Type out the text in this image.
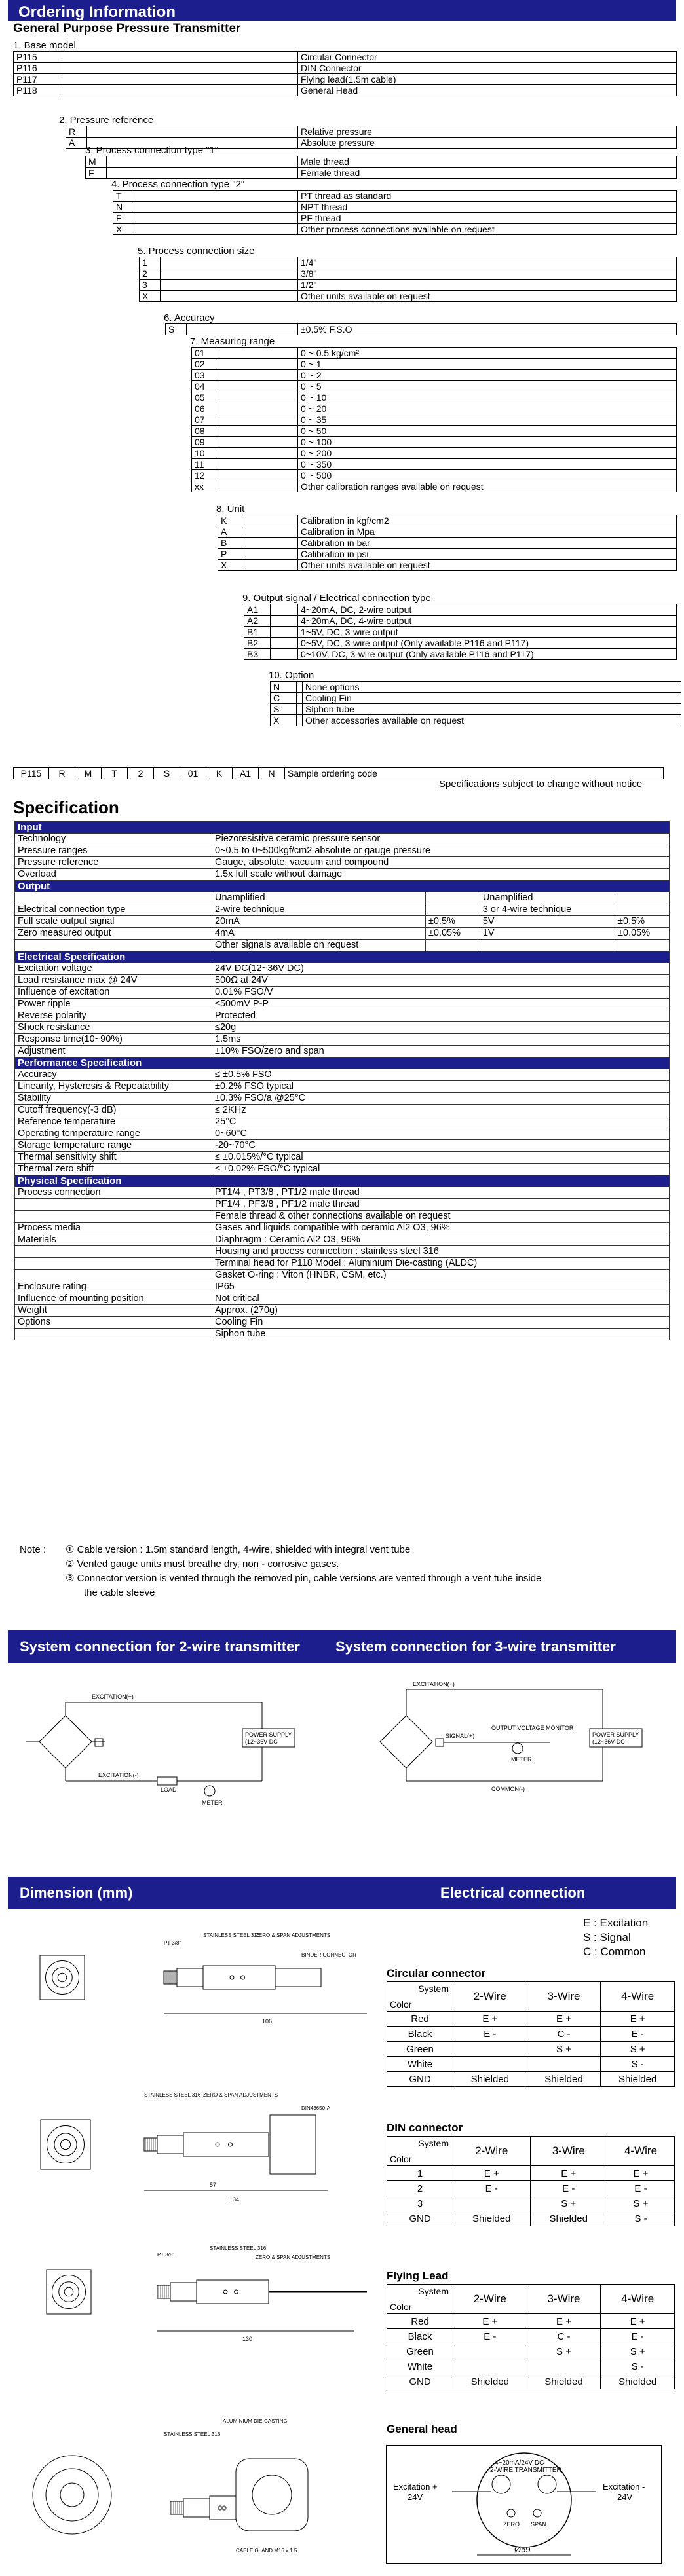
Ordering Information
General Purpose Pressure Transmitter
1. Base model
P115	Circular Connector
P116	DIN Connector
P117	Flying lead(1.5m cable)
P118	General Head
2. Pressure reference
R	Relative pressure
A	Absolute pressure
3. Process connection type "1"
M	Male thread
F	Female thread
4. Process connection type "2"
T	PT thread as standard
N	NPT thread
F	PF thread
X	Other process connections available on request
5. Process connection size
1	1/4"
2	3/8"
3	1/2"
X	Other units available on request
6. Accuracy
S	±0.5% F.S.O
7. Measuring range
01	0 ~ 0.5 kg/cm²
02	0 ~ 1
03	0 ~ 2
04	0 ~ 5
05	0 ~ 10
06	0 ~ 20
07	0 ~ 35
08	0 ~ 50
09	0 ~ 100
10	0 ~ 200
11	0 ~ 350
12	0 ~ 500
xx	Other calibration ranges available on request
8. Unit
K	Calibration in kgf/cm2
A	Calibration in Mpa
B	Calibration in bar
P	Calibration in psi
X	Other units available on request
9. Output signal / Electrical connection type
A1	4~20mA, DC, 2-wire output
A2	4~20mA, DC, 4-wire output
B1	1~5V, DC, 3-wire output
B2	0~5V, DC, 3-wire output (Only available P116 and P117)
B3	0~10V, DC, 3-wire output (Only available P116 and P117)
10. Option
N	None options
C	Cooling Fin
S	Siphon tube
X	Other accessories available on request
P115	R	M	T	2	S	01	K	A1	N	Sample ordering code
Specifications subject to change without notice
Specification
Input				
Technology	Piezoresistive ceramic pressure sensor			
Pressure ranges	0~0.5 to 0~500kgf/cm2 absolute or gauge pressure			
Pressure reference	Gauge, absolute, vacuum and compound			
Overload	1.5x full scale without damage			
Output				
	Unamplified		Unamplified	
Electrical connection type	2-wire technique		3 or 4-wire technique	
Full scale output signal	20mA	±0.5%	5V	±0.5%
Zero measured output	4mA	±0.05%	1V	±0.05%
	Other signals available on request			
Electrical Specification				
Excitation voltage	24V DC(12~36V DC)			
Load resistance max @ 24V	500Ω at 24V			
Influence of excitation	0.01% FSO/V			
Power ripple	≤500mV P-P			
Reverse polarity	Protected			
Shock resistance	≤20g			
Response time(10~90%)	1.5ms			
Adjustment	±10% FSO/zero and span			
Performance Specification				
Accuracy	≤ ±0.5% FSO			
Linearity, Hysteresis & Repeatability	±0.2% FSO typical			
Stability	±0.3% FSO/a @25°C			
Cutoff frequency(-3 dB)	≤ 2KHz			
Reference temperature	25°C			
Operating temperature range	0~60°C			
Storage temperature range	-20~70°C			
Thermal sensitivity shift	≤ ±0.015%/°C typical			
Thermal zero shift	≤ ±0.02% FSO/°C typical			
Physical Specification				
Process connection	PT1/4 , PT3/8 , PT1/2 male thread			
	PF1/4 , PF3/8 , PF1/2 male thread			
	Female thread & other connections available on request			
Process media	Gases and liquids compatible with ceramic Al2 O3, 96%			
Materials	Diaphragm : Ceramic Al2 O3, 96%			
	Housing and process connection : stainless steel 316			
	Terminal head for P118 Model : Aluminium Die-casting (ALDC)			
	Gasket O-ring : Viton (HNBR, CSM, etc.)			
Enclosure rating	IP65			
Influence of mounting position	Not critical			
Weight	Approx. (270g)			
Options	Cooling Fin			
	Siphon tube			
Note :	① Cable version : 1.5m standard length, 4-wire, shielded with integral vent tube
② Vented gauge units must breathe dry, non - corrosive gases.
③ Connector version is vented through the removed pin, cable versions are vented through a vent tube inside
the cable sleeve
System connection for 2-wire transmitter System connection for 3-wire transmitter
EXCITATION(+)
EXCITATION(-)
POWER SUPPLY
(12~36V DC
LOAD
METER
EXCITATION(+)
SIGNAL(+)
OUTPUT VOLTAGE MONITOR
METER
COMMON(-)
POWER SUPPLY
(12~36V DC
Dimension (mm)	Electrical connection
E : Excitation
S : Signal
C : Common
PT 3/8"
STAINLESS STEEL 316
ZERO & SPAN ADJUSTMENTS
BINDER CONNECTOR
106
STAINLESS STEEL 316 ZERO & SPAN ADJUSTMENTS
DIN43650-A
57
134
PT 3/8"
STAINLESS STEEL 316
ZERO & SPAN ADJUSTMENTS
130
ALUMINIUM DIE-CASTING
STAINLESS STEEL 316
CABLE GLAND M16 x 1.5
Circular connector
System
Color	2-Wire	3-Wire	4-Wire
Red	E +	E +	E +
Black	E -	C -	E -
Green		S +	S +
White			S -
GND	Shielded	Shielded	Shielded
DIN connector
System
Color	2-Wire	3-Wire	4-Wire
1	E +	E +	E +
2	E -	E -	E -
3		S +	S +
GND	Shielded	Shielded	S -
Flying Lead
System
Color	2-Wire	3-Wire	4-Wire
Red	E +	E +	E +
Black	E -	C -	E -
Green		S +	S +
White			S -
GND	Shielded	Shielded	Shielded
General head
4~20mA/24V DC
2-WIRE TRANSMITTER
ZERO SPAN
Excitation +
24V
Excitation -
24V
Ø59
